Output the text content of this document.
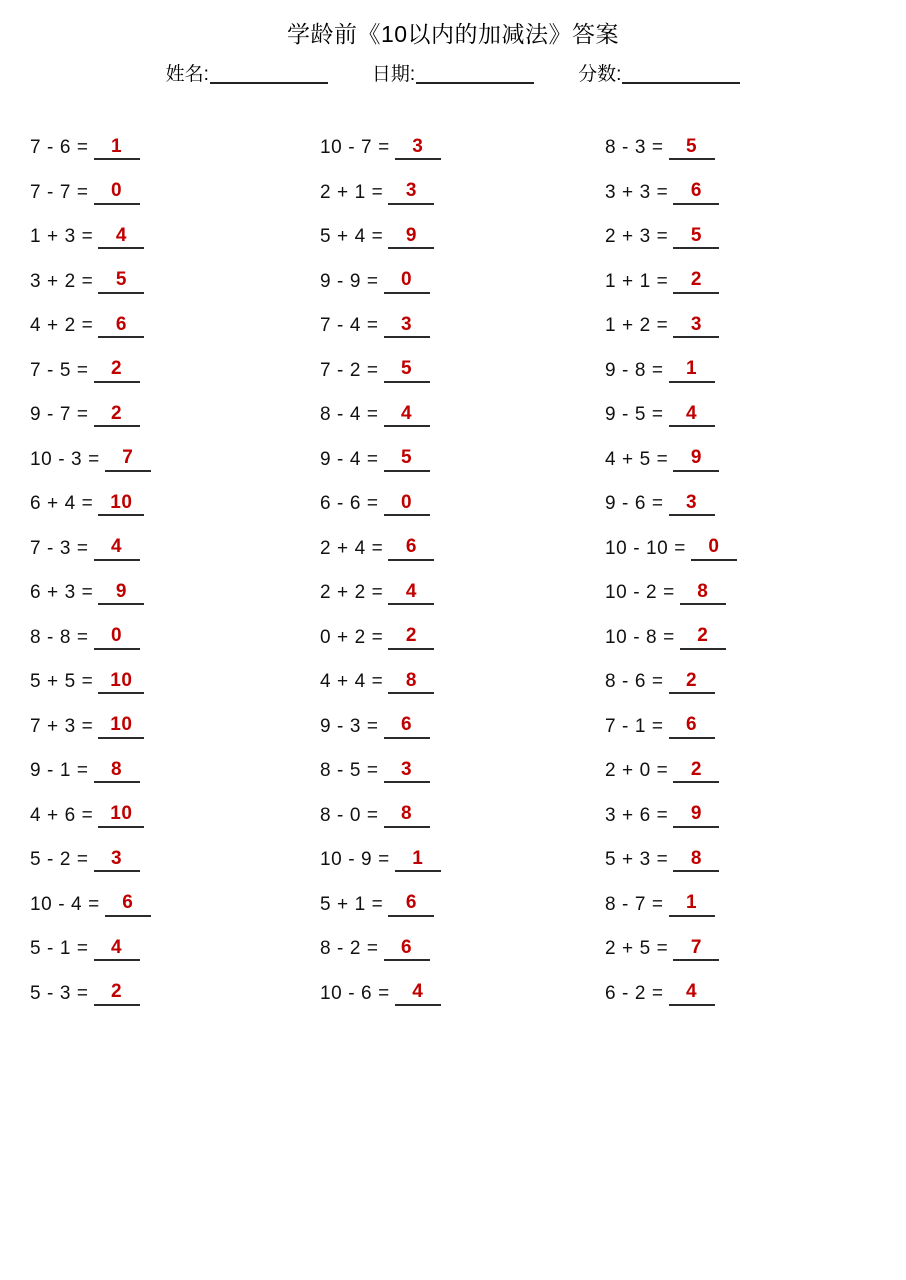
学龄前《10以内的加减法》答案
姓名:	日期:	分数:
7 - 6 = 1	10 - 7 = 3	8 - 3 = 5
7 - 7 = 0	2 + 1 = 3	3 + 3 = 6
1 + 3 = 4	5 + 4 = 9	2 + 3 = 5
3 + 2 = 5	9 - 9 = 0	1 + 1 = 2
4 + 2 = 6	7 - 4 = 3	1 + 2 = 3
7 - 5 = 2	7 - 2 = 5	9 - 8 = 1
9 - 7 = 2	8 - 4 = 4	9 - 5 = 4
10 - 3 = 7	9 - 4 = 5	4 + 5 = 9
6 + 4 = 10	6 - 6 = 0	9 - 6 = 3
7 - 3 = 4	2 + 4 = 6	10 - 10 = 0
6 + 3 = 9	2 + 2 = 4	10 - 2 = 8
8 - 8 = 0	0 + 2 = 2	10 - 8 = 2
5 + 5 = 10	4 + 4 = 8	8 - 6 = 2
7 + 3 = 10	9 - 3 = 6	7 - 1 = 6
9 - 1 = 8	8 - 5 = 3	2 + 0 = 2
4 + 6 = 10	8 - 0 = 8	3 + 6 = 9
5 - 2 = 3	10 - 9 = 1	5 + 3 = 8
10 - 4 = 6	5 + 1 = 6	8 - 7 = 1
5 - 1 = 4	8 - 2 = 6	2 + 5 = 7
5 - 3 = 2	10 - 6 = 4	6 - 2 = 4
